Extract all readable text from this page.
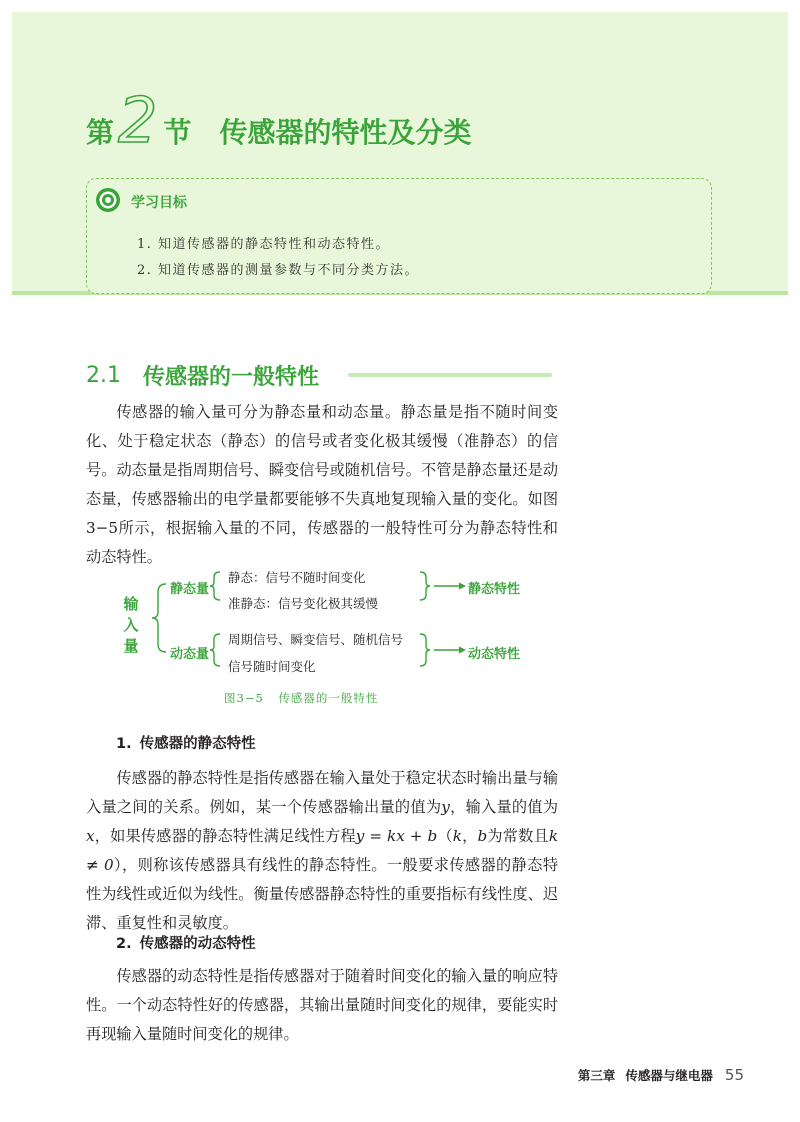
第 2 节 传感器的特性及分类
学习目标
1. 知道传感器的静态特性和动态特性。
2. 知道传感器的测量参数与不同分类方法。
2.1 传感器的一般特性

传感器的输入量可分为静态量和动态量。静态量是指不随时间变化、处于稳定状态（静态）的信号或者变化极其缓慢（准静态）的信号。动态量是指周期信号、瞬变信号或随机信号。不管是静态量还是动态量，传感器输出的电学量都要能够不失真地复现输入量的变化。如图3−5所示，根据输入量的不同，传感器的一般特性可分为静态特性和动态特性。

输
入
量
静态量
静态：信号不随时间变化
准静态：信号变化极其缓慢
静态特性
动态量
周期信号、瞬变信号、随机信号
信号随时间变化
动态特性
图3−5 传感器的一般特性
1. 传感器的静态特性

传感器的静态特性是指传感器在输入量处于稳定状态时输出量与输入量之间的关系。例如，某一个传感器输出量的值为y，输入量的值为x，如果传感器的静态特性满足线性方程y = kx + b（k，b为常数且k ≠ 0），则称该传感器具有线性的静态特性。一般要求传感器的静态特性为线性或近似为线性。衡量传感器静态特性的重要指标有线性度、迟滞、重复性和灵敏度。

2. 传感器的动态特性

传感器的动态特性是指传感器对于随着时间变化的输入量的响应特性。一个动态特性好的传感器，其输出量随时间变化的规律，要能实时再现输入量随时间变化的规律。

第三章 传感器与继电器 55
